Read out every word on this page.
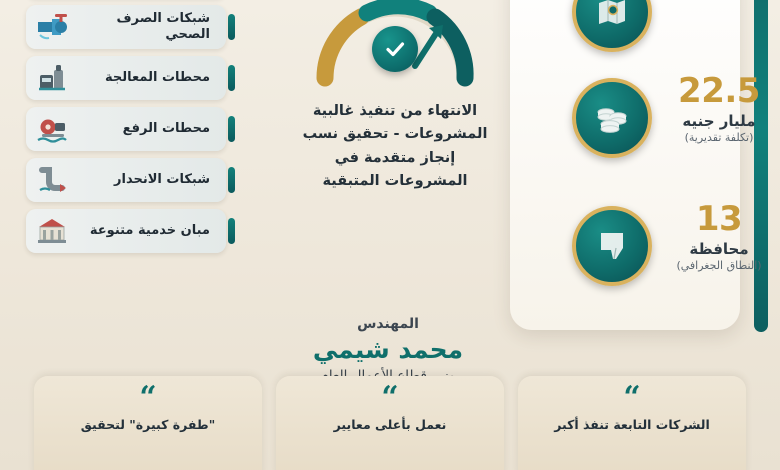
22.5
مليار جنيه
(تكلفة تقديرية)
13
محافظة
(النطاق الجغرافي)
الانتهاء من تنفيذ غالبية المشروعات - تحقيق نسب إنجاز متقدمة في المشروعات المتبقية
شبكات الصرف الصحي
محطات المعالجة
محطات الرفع
شبكات الانحدار
مبان خدمية متنوعة
المهندس
محمد شيمي
“
الشركات التابعة تنفذ أكبر
“
نعمل بأعلى معايير
“
"طفرة كبيرة" لتحقيق
